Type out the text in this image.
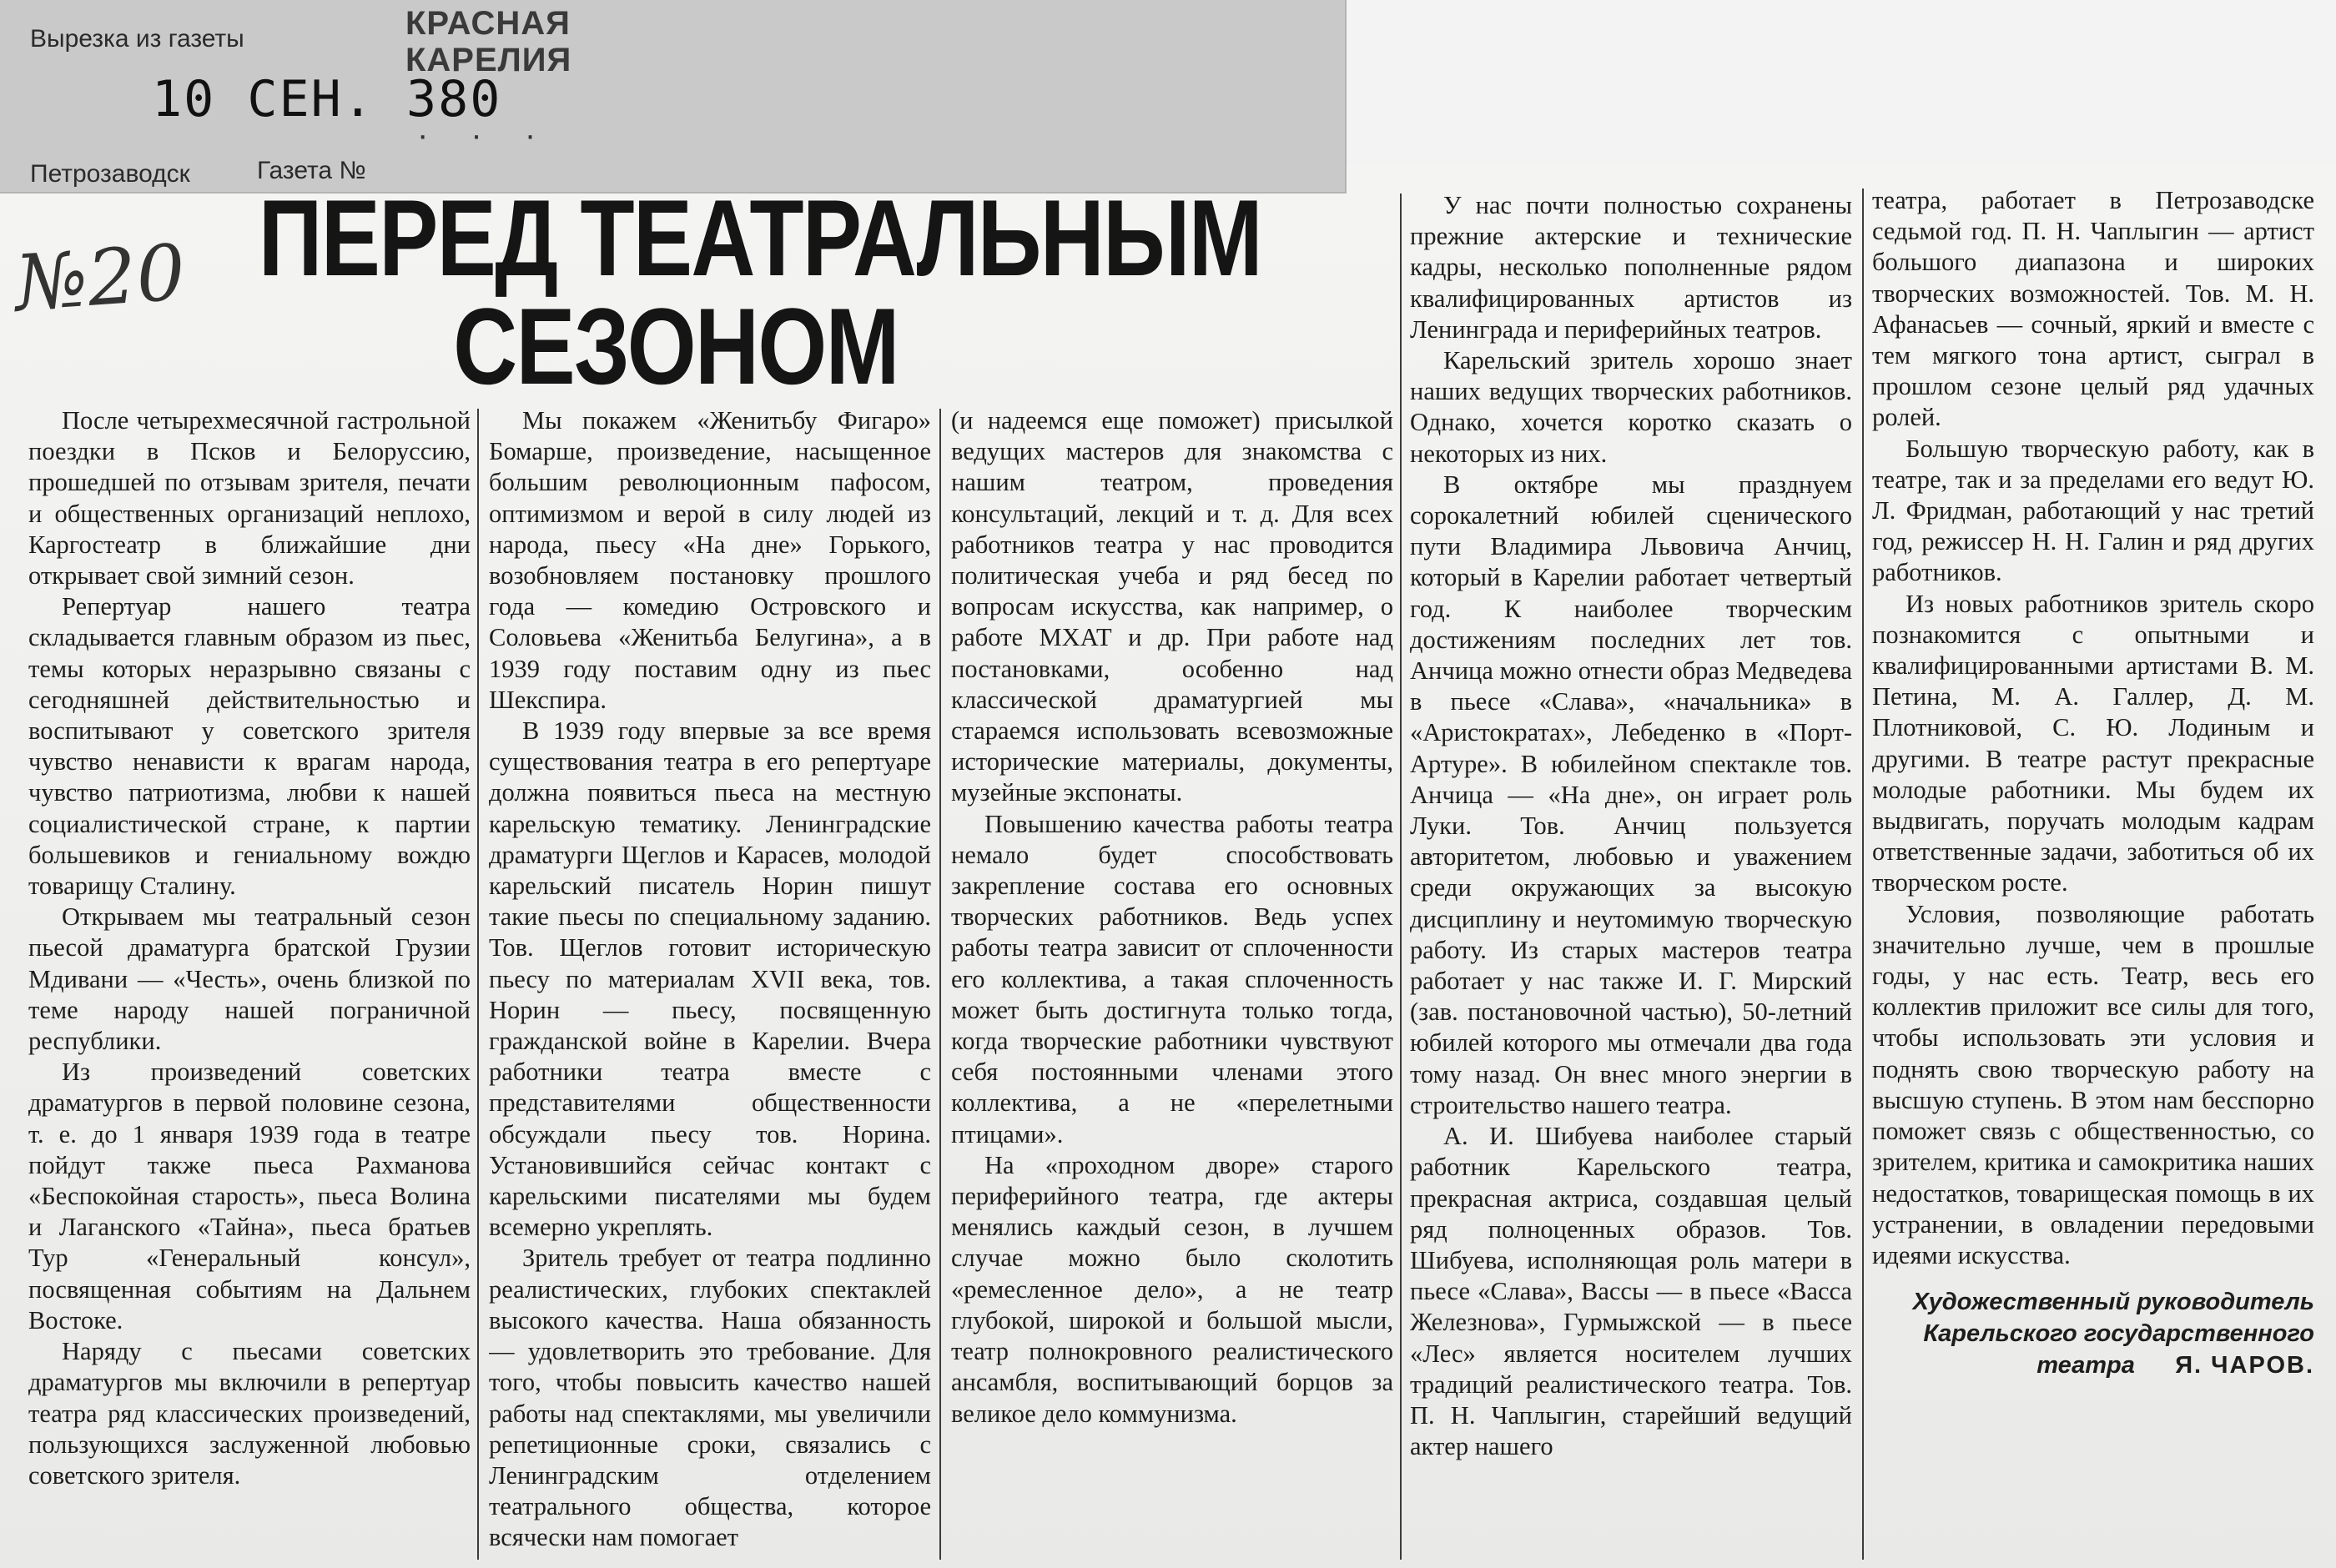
Вырезка из газеты	КРАСНАЯ КАРЕЛИЯ
10 СЕН. 380
· · ·
Петрозаводск	Газета №
№20 ПЕРЕД ТЕАТРАЛЬНЫМ
СЕЗОНОМ

После четырехмесячной гастрольной поездки в Псков и Белоруссию, прошедшей по отзывам зрителя, печати и общественных организаций неплохо, Каргостеатр в ближайшие дни открывает свой зимний сезон.

Репертуар нашего театра складывается главным образом из пьес, темы которых неразрывно связаны с сегодняшней действительностью и воспитывают у советского зрителя чувство ненависти к врагам народа, чувство патриотизма, любви к нашей социалистической стране, к партии большевиков и гениальному вождю товарищу Сталину.

Открываем мы театральный сезон пьесой драматурга братской Грузии Мдивани — «Честь», очень близкой по теме народу нашей пограничной республики.

Из произведений советских драматургов в первой половине сезона, т. е. до 1 января 1939 года в театре пойдут также пьеса Рахманова «Беспокойная старость», пьеса Волина и Лаганского «Тайна», пьеса братьев Тур «Генеральный консул», посвященная событиям на Дальнем Востоке.

Наряду с пьесами советских драматургов мы включили в репертуар театра ряд классических произведений, пользующихся заслуженной любовью советского зрителя.

Мы покажем «Женитьбу Фигаро» Бомарше, произведение, насыщенное большим революционным пафосом, оптимизмом и верой в силу людей из народа, пьесу «На дне» Горького, возобновляем постановку прошлого года — комедию Островского и Соловьева «Женитьба Белугина», а в 1939 году поставим одну из пьес Шекспира.

В 1939 году впервые за все время существования театра в его репертуаре должна появиться пьеса на местную карельскую тематику. Ленинградские драматурги Щеглов и Карасев, молодой карельский писатель Норин пишут такие пьесы по специальному заданию. Тов. Щеглов готовит историческую пьесу по материалам XVII века, тов. Норин — пьесу, посвященную гражданской войне в Карелии. Вчера работники театра вместе с представителями общественности обсуждали пьесу тов. Норина. Установившийся сейчас контакт с карельскими писателями мы будем всемерно укреплять.

Зритель требует от театра подлинно реалистических, глубоких спектаклей высокого качества. Наша обязанность — удовлетворить это требование. Для того, чтобы повысить качество нашей работы над спектаклями, мы увеличили репетиционные сроки, связались с Ленинградским отделением театрального общества, которое всячески нам помогает

(и надеемся еще поможет) присылкой ведущих мастеров для знакомства с нашим театром, проведения консультаций, лекций и т. д. Для всех работников театра у нас проводится политическая учеба и ряд бесед по вопросам искусства, как например, о работе МХАТ и др. При работе над постановками, особенно над классической драматургией мы стараемся использовать всевозможные исторические материалы, документы, музейные экспонаты.

Повышению качества работы театра немало будет способствовать закрепление состава его основных творческих работников. Ведь успех работы театра зависит от сплоченности его коллектива, а такая сплоченность может быть достигнута только тогда, когда творческие работники чувствуют себя постоянными членами этого коллектива, а не «перелетными птицами».

На «проходном дворе» старого периферийного театра, где актеры менялись каждый сезон, в лучшем случае можно было сколотить «ремесленное дело», а не театр глубокой, широкой и большой мысли, театр полнокровного реалистического ансамбля, воспитывающий борцов за великое дело коммунизма.

У нас почти полностью сохранены прежние актерские и технические кадры, несколько пополненные рядом квалифицированных артистов из Ленинграда и периферийных театров.

Карельский зритель хорошо знает наших ведущих творческих работников. Однако, хочется коротко сказать о некоторых из них.

В октябре мы празднуем сорокалетний юбилей сценического пути Владимира Львовича Анчиц, который в Карелии работает четвертый год. К наиболее творческим достижениям последних лет тов. Анчица можно отнести образ Медведева в пьесе «Слава», «начальника» в «Аристократах», Лебеденко в «Порт-Артуре». В юбилейном спектакле тов. Анчица — «На дне», он играет роль Луки. Тов. Анчиц пользуется авторитетом, любовью и уважением среди окружающих за высокую дисциплину и неутомимую творческую работу. Из старых мастеров театра работает у нас также И. Г. Мирский (зав. постановочной частью), 50-летний юбилей которого мы отмечали два года тому назад. Он внес много энергии в строительство нашего театра.

А. И. Шибуева наиболее старый работник Карельского театра, прекрасная актриса, создавшая целый ряд полноценных образов. Тов. Шибуева, исполняющая роль матери в пьесе «Слава», Вассы — в пьесе «Васса Железнова», Гурмыжской — в пьесе «Лес» является носителем лучших традиций реалистического театра. Тов. П. Н. Чаплыгин, старейший ведущий актер нашего

театра, работает в Петрозаводске седьмой год. П. Н. Чаплыгин — артист большого диапазона и широких творческих возможностей. Тов. М. Н. Афанасьев — сочный, яркий и вместе с тем мягкого тона артист, сыграл в прошлом сезоне целый ряд удачных ролей.

Большую творческую работу, как в театре, так и за пределами его ведут Ю. Л. Фридман, работающий у нас третий год, режиссер Н. Н. Галин и ряд других работников.

Из новых работников зритель скоро познакомится с опытными и квалифицированными артистами В. М. Петина, М. А. Галлер, Д. М. Плотниковой, С. Ю. Лодиным и другими. В театре растут прекрасные молодые работники. Мы будем их выдвигать, поручать молодым кадрам ответственные задачи, заботиться об их творческом росте.

Условия, позволяющие работать значительно лучше, чем в прошлые годы, у нас есть. Театр, весь его коллектив приложит все силы для того, чтобы использовать эти условия и поднять свою творческую работу на высшую ступень. В этом нам бесспорно поможет связь с общественностью, со зрителем, критика и самокритика наших недостатков, товарищеская помощь в их устранении, в овладении передовыми идеями искусства.

Художественный руководитель
Карельского государственного
театра Я. ЧАРОВ.
